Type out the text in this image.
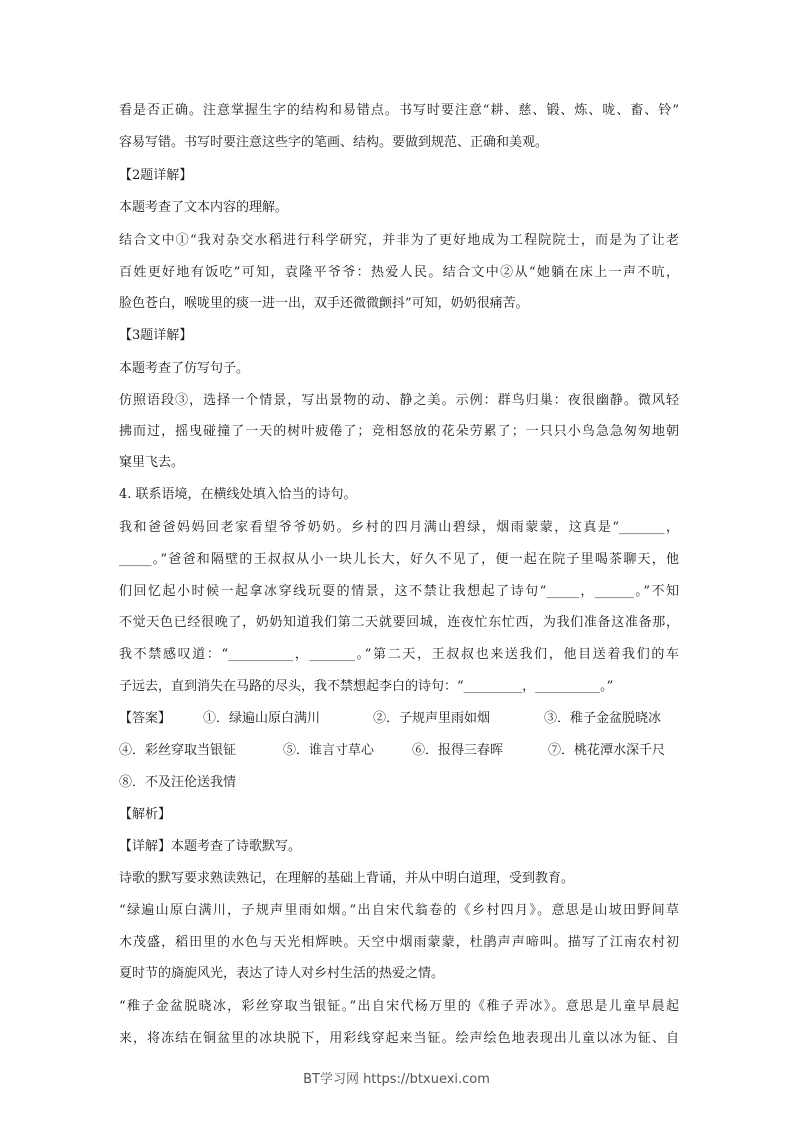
看是否正确。注意掌握生字的结构和易错点。书写时要注意“耕、慈、锻、炼、咙、畜、铃”
容易写错。书写时要注意这些字的笔画、结构。要做到规范、正确和美观。
【2题详解】
本题考查了文本内容的理解。
结合文中①“我对杂交水稻进行科学研究，并非为了更好地成为工程院院士，而是为了让老
百姓更好地有饭吃”可知，袁隆平爷爷：热爱人民。结合文中②从“她躺在床上一声不吭，
脸色苍白，喉咙里的痰一进一出，双手还微微颤抖”可知，奶奶很痛苦。
【3题详解】
本题考查了仿写句子。
仿照语段③，选择一个情景，写出景物的动、静之美。示例：群鸟归巢：夜很幽静。微风轻
拂而过，摇曳碰撞了一天的树叶疲倦了；竞相怒放的花朵劳累了；一只只小鸟急急匆匆地朝
窠里飞去。
4. 联系语境，在横线处填入恰当的诗句。
我和爸爸妈妈回老家看望爷爷奶奶。乡村的四月满山碧绿，烟雨蒙蒙，这真是“_______，
_____。”爸爸和隔壁的王叔叔从小一块儿长大，好久不见了，便一起在院子里喝茶聊天，他
们回忆起小时候一起拿冰穿线玩耍的情景，这不禁让我想起了诗句“_____，______。”不知
不觉天色已经很晚了，奶奶知道我们第二天就要回城，连夜忙东忙西，为我们准备这准备那，
我不禁感叹道：“__________，_______。”第二天，王叔叔也来送我们，他目送着我们的车
子远去，直到消失在马路的尽头，我不禁想起李白的诗句：“_________，__________。”
【答案】 ①．绿遍山原白满川	②．子规声里雨如烟	③．稚子金盆脱晓冰
④．彩丝穿取当银钲	⑤．谁言寸草心	⑥．报得三春晖	⑦．桃花潭水深千尺
⑧．不及汪伦送我情
【解析】
【详解】本题考查了诗歌默写。
诗歌的默写要求熟读熟记，在理解的基础上背诵，并从中明白道理，受到教育。
“绿遍山原白满川，子规声里雨如烟。”出自宋代翁卷的《乡村四月》。意思是山坡田野间草
木茂盛，稻田里的水色与天光相辉映。天空中烟雨蒙蒙，杜鹃声声啼叫。描写了江南农村初
夏时节的旖旎风光，表达了诗人对乡村生活的热爱之情。
“稚子金盆脱晓冰，彩丝穿取当银钲。”出自宋代杨万里的《稚子弄冰》。意思是儿童早晨起
来，将冻结在铜盆里的冰块脱下，用彩线穿起来当钲。绘声绘色地表现出儿童以冰为钲、自
BT学习网 https://btxuexi.com
